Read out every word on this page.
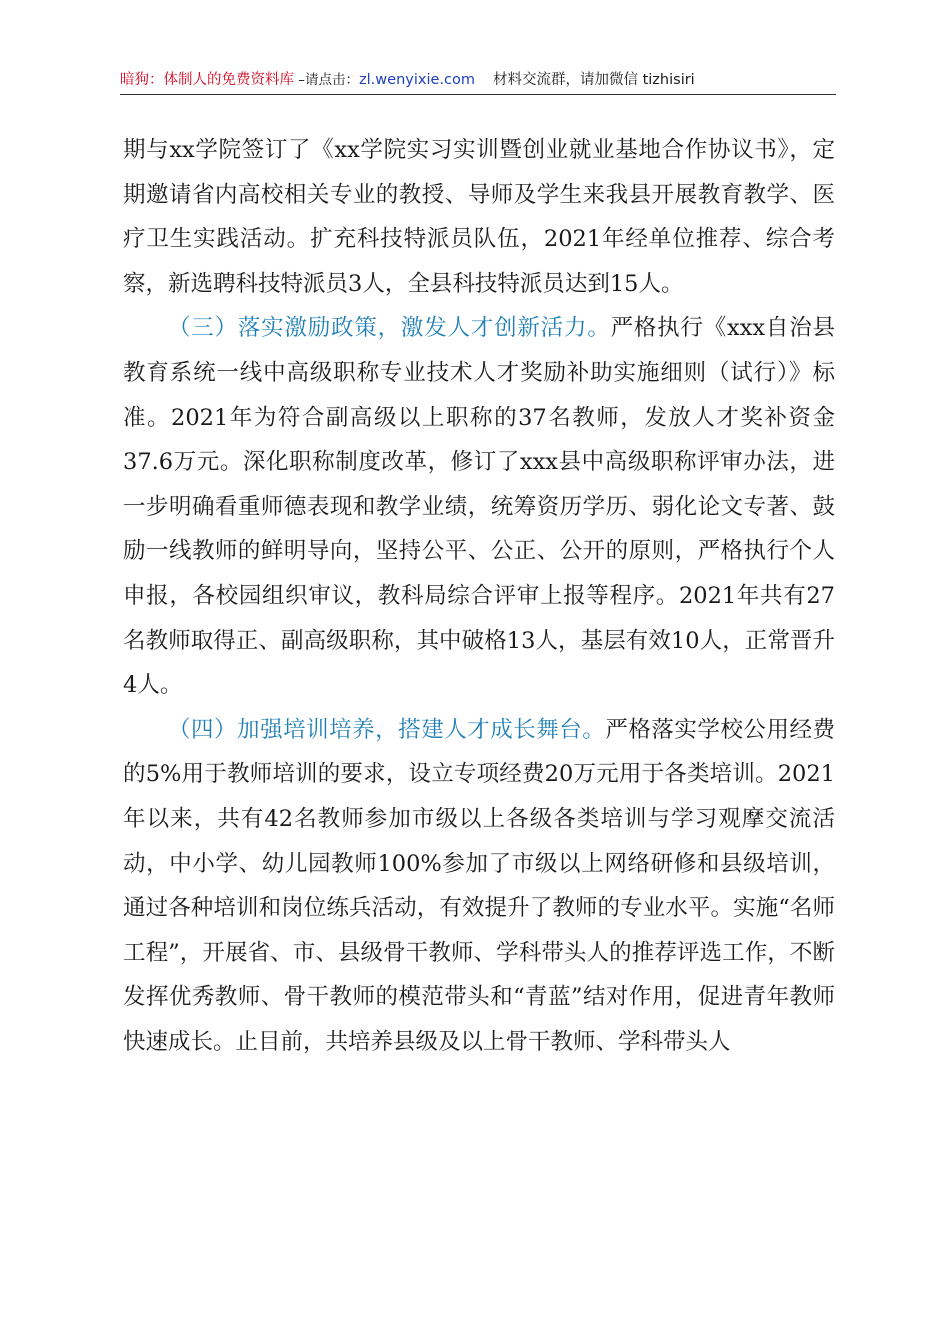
暗狗：体制人的免费资料库 –请点击：zl.wenyixie.com 材料交流群，请加微信 tizhisiri

期与xx学院签订了《xx学院实习实训暨创业就业基地合作协议书》，定期邀请省内高校相关专业的教授、导师及学生来我县开展教育教学、医疗卫生实践活动。扩充科技特派员队伍，2021年经单位推荐、综合考察，新选聘科技特派员3人，全县科技特派员达到15人。

（三）落实激励政策，激发人才创新活力。严格执行《xxx自治县教育系统一线中高级职称专业技术人才奖励补助实施细则（试行）》标准。2021年为符合副高级以上职称的37名教师，发放人才奖补资金37.6万元。深化职称制度改革，修订了xxx县中高级职称评审办法，进一步明确看重师德表现和教学业绩，统筹资历学历、弱化论文专著、鼓励一线教师的鲜明导向，坚持公平、公正、公开的原则，严格执行个人申报，各校园组织审议，教科局综合评审上报等程序。2021年共有27名教师取得正、副高级职称，其中破格13人，基层有效10人，正常晋升4人。

（四）加强培训培养，搭建人才成长舞台。严格落实学校公用经费的5%用于教师培训的要求，设立专项经费20万元用于各类培训。2021年以来，共有42名教师参加市级以上各级各类培训与学习观摩交流活动，中小学、幼儿园教师100%参加了市级以上网络研修和县级培训，通过各种培训和岗位练兵活动，有效提升了教师的专业水平。实施“名师工程”，开展省、市、县级骨干教师、学科带头人的推荐评选工作，不断发挥优秀教师、骨干教师的模范带头和“青蓝”结对作用，促进青年教师快速成长。止目前，共培养县级及以上骨干教师、学科带头人
